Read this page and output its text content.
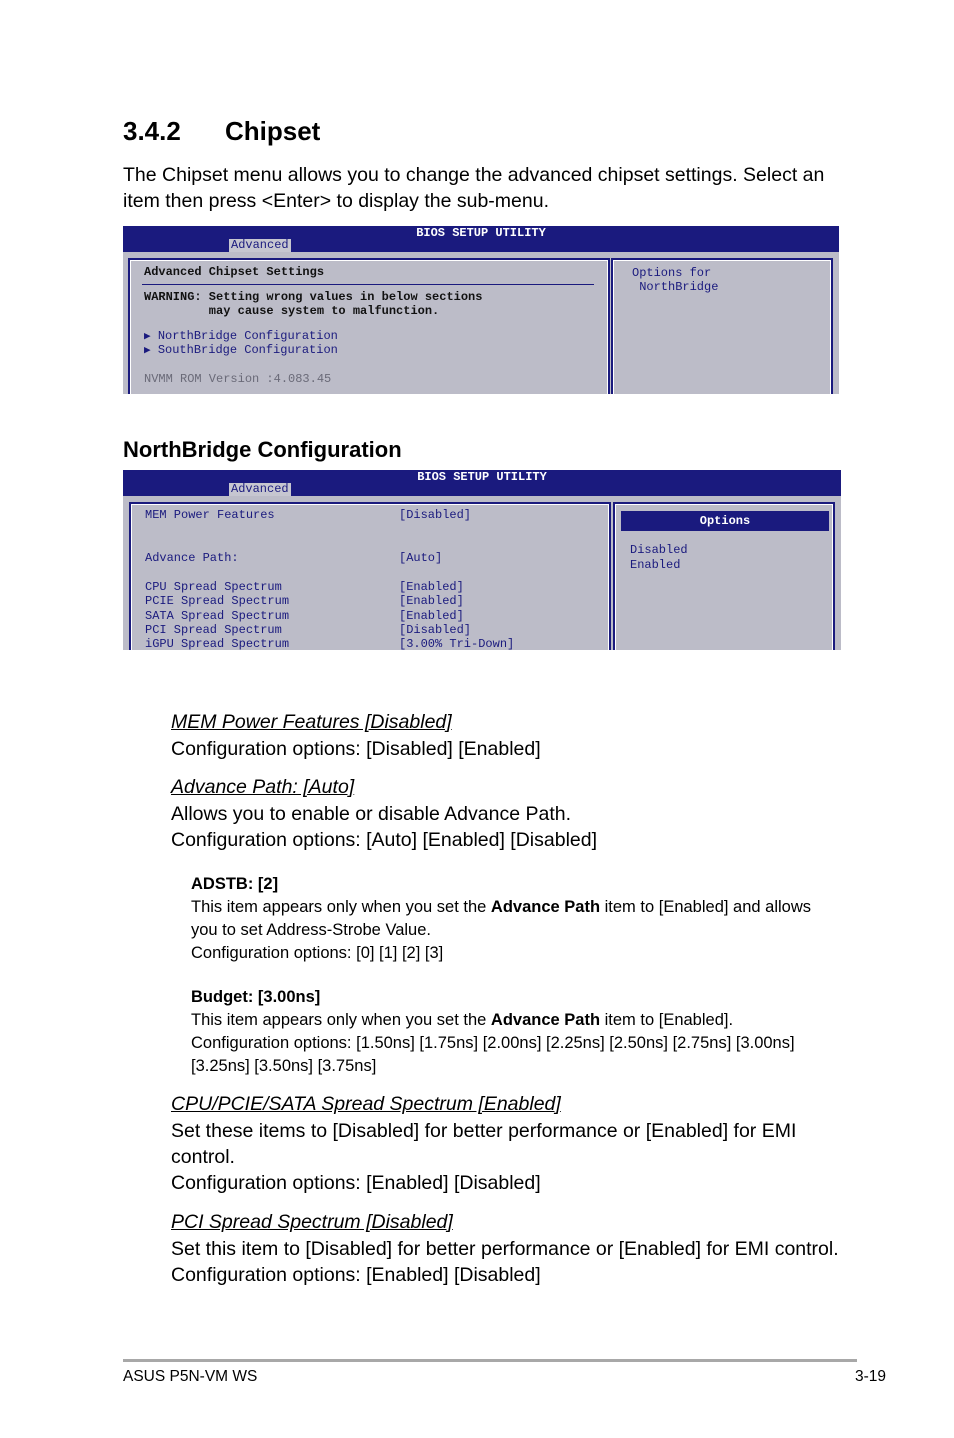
3.4.2 Chipset
The Chipset menu allows you to change the advanced chipset settings. Select an item then press <Enter> to display the sub-menu.
BIOS SETUP UTILITY
Advanced
Advanced Chipset Settings
WARNING: Setting wrong values in below sections
may cause system to malfunction.
▶ NorthBridge Configuration
▶ SouthBridge Configuration
NVMM ROM Version :4.083.45
Options for
NorthBridge
NorthBridge Configuration
BIOS SETUP UTILITY
Advanced
MEM Power Features	[Disabled]
Advance Path:	[Auto]
CPU Spread Spectrum	[Enabled]
PCIE Spread Spectrum	[Enabled]
SATA Spread Spectrum	[Enabled]
PCI Spread Spectrum	[Disabled]
iGPU Spread Spectrum	[3.00% Tri-Down]
Options
Disabled
Enabled
MEM Power Features [Disabled]
Configuration options: [Disabled] [Enabled]
Advance Path: [Auto]
Allows you to enable or disable Advance Path.
Configuration options: [Auto] [Enabled] [Disabled]
ADSTB: [2]
This item appears only when you set the Advance Path item to [Enabled] and allows you to set Address-Strobe Value.
Configuration options: [0] [1] [2] [3]
Budget: [3.00ns]
This item appears only when you set the Advance Path item to [Enabled].
Configuration options: [1.50ns] [1.75ns] [2.00ns] [2.25ns] [2.50ns] [2.75ns] [3.00ns] [3.25ns] [3.50ns] [3.75ns]
CPU/PCIE/SATA Spread Spectrum [Enabled]
Set these items to [Disabled] for better performance or [Enabled] for EMI control.
Configuration options: [Enabled] [Disabled]
PCI Spread Spectrum [Disabled]
Set this item to [Disabled] for better performance or [Enabled] for EMI control.
Configuration options: [Enabled] [Disabled]
ASUS P5N-VM WS	3-19
